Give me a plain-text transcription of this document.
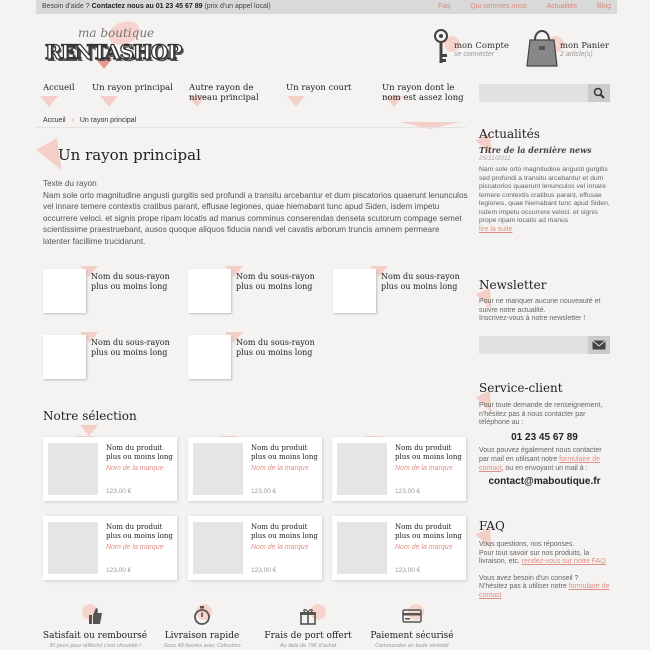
Besoin d'aide ? Contactez nous au 01 23 45 67 89 (prix d'un appel local)	Faq	Qui sommes nous	Actualités	Blog
ma boutique
RENTASHOP	mon Compte
se connecter
mon Panier
2 article(s)
Accueil	Un rayon principal	Autre rayon de niveau principal
Un rayon court	Un rayon dont le nom est assez long
Accueil › Un rayon principal
Un rayon principal
Texte du rayon
Nam sole orto magnitudine angusti gurgitis sed profundi a transitu arcebantur et dum piscatorios quaerunt lenunculos vel innare temere contextis cratibus parant, effusae legiones, quae hiemabant tunc apud Siden, isdem impetu occurrere veloci. et signis prope ripam locatis ad manus comminus conserendas denseta scutorum compage semet scientissime praestruebant, ausos quoque aliquos fiducia nandi vel cavatis arborum truncis amnem permeare latenter facillime trucidarunt.
Nom du sous-rayon plus ou moins long
Nom du sous-rayon plus ou moins long
Nom du sous-rayon plus ou moins long
Nom du sous-rayon plus ou moins long
Nom du sous-rayon plus ou moins long
Notre sélection
Nom du produit plus ou moins long
Nom de la marque
123,00 €
Nom du produit plus ou moins long
Nom de la marque
123,00 €
Nom du produit plus ou moins long
Nom de la marque
123,00 €
Nom du produit plus ou moins long
Nom de la marque
123,00 €
Nom du produit plus ou moins long
Nom de la marque
123,00 €
Nom du produit plus ou moins long
Nom de la marque
123,00 €
Satisfait ou remboursé
30 jours pour réfléchir c'est chouette !
Livraison rapide
Sous 48 heures avec Colissimo
Frais de port offert
Au delà de 79€ d'achat
Paiement sécurisé
Commandez en toute sérénité
Actualités
Titre de la dernière news
25/11/2011
Nam sole orto magnitudine angusti gurgitis sed profundi a transitu arcebantur et dum piscatorios quaerunt lenunculos vel innare temere contextis cratibus parant, effusae legiones, quae hiemabant tunc apud Siden, isdem impetu occurrere veloci. et signis prope ripam locatis ad manus
lire la suite
Newsletter
Pour ne manquer aucune nouveauté et suivre notre actualité.
Inscrivez-vous à notre newsletter !
Service-client
Pour toute demande de renseignement, n'hésitez pas à nous contacter par téléphone au :
01 23 45 67 89
Vous pouvez également nous contacter par mail en utilisant notre formulaire de contact, ou en envoyant un mail à :
contact@maboutique.fr
FAQ
Vous questions, nos réponses.
Pour tout savoir sur nos produits, la livraison, etc. rendez-vous sur notre FAQ
Vous avez besoin d'un conseil ?
N'hésitez pas à utiliser notre formulaire de contact
